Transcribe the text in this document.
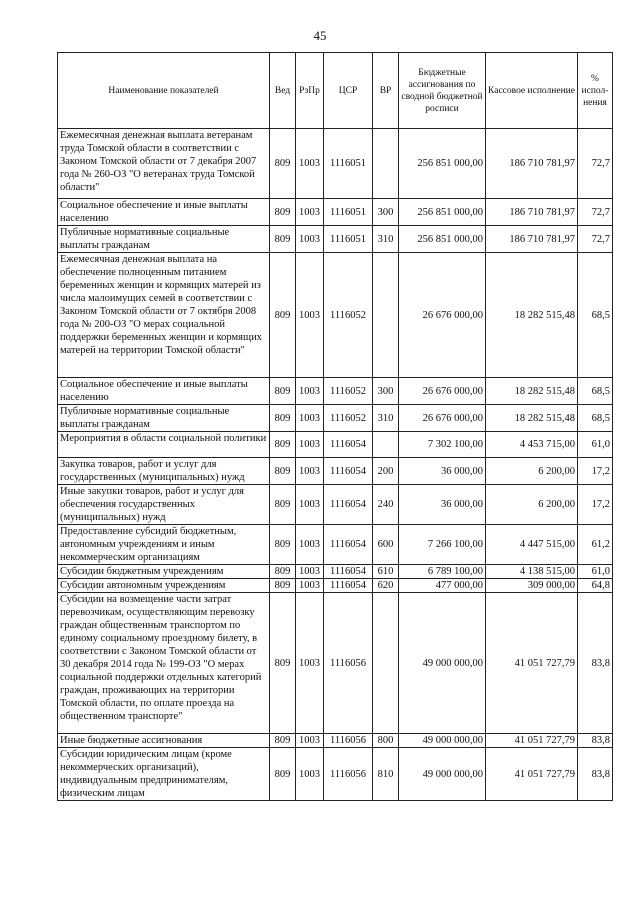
45
Наименование показателей	Вед	РзПр	ЦСР	ВР	Бюджетные ассигнования по сводной бюджетной росписи	Кассовое исполнение	% испол-нения
Ежемесячная денежная выплата ветеранам труда Томской области в соответствии с Законом Томской области от 7 декабря 2007 года № 260-ОЗ "О ветеранах труда Томской области"	809	1003	1116051		256 851 000,00	186 710 781,97	72,7
Социальное обеспечение и иные выплаты населению	809	1003	1116051	300	256 851 000,00	186 710 781,97	72,7
Публичные нормативные социальные выплаты гражданам	809	1003	1116051	310	256 851 000,00	186 710 781,97	72,7
Ежемесячная денежная выплата на обеспечение полноценным питанием беременных женщин и кормящих матерей из числа малоимущих семей в соответствии с Законом Томской области от 7 октября 2008 года № 200-ОЗ "О мерах социальной поддержки беременных женщин и кормящих матерей на территории Томской области"	809	1003	1116052		26 676 000,00	18 282 515,48	68,5
Социальное обеспечение и иные выплаты населению	809	1003	1116052	300	26 676 000,00	18 282 515,48	68,5
Публичные нормативные социальные выплаты гражданам	809	1003	1116052	310	26 676 000,00	18 282 515,48	68,5
Мероприятия в области социальной политики	809	1003	1116054		7 302 100,00	4 453 715,00	61,0
Закупка товаров, работ и услуг для государственных (муниципальных) нужд	809	1003	1116054	200	36 000,00	6 200,00	17,2
Иные закупки товаров, работ и услуг для обеспечения государственных (муниципальных) нужд	809	1003	1116054	240	36 000,00	6 200,00	17,2
Предоставление субсидий бюджетным, автономным учреждениям и иным некоммерческим организациям	809	1003	1116054	600	7 266 100,00	4 447 515,00	61,2
Субсидии бюджетным учреждениям	809	1003	1116054	610	6 789 100,00	4 138 515,00	61,0
Субсидии автономным учреждениям	809	1003	1116054	620	477 000,00	309 000,00	64,8
Субсидии на возмещение части затрат перевозчикам, осуществляющим перевозку граждан общественным транспортом по единому социальному проездному билету, в соответствии с Законом Томской области от 30 декабря 2014 года № 199-ОЗ "О мерах социальной поддержки отдельных категорий граждан, проживающих на территории Томской области, по оплате проезда на общественном транспорте"	809	1003	1116056		49 000 000,00	41 051 727,79	83,8
Иные бюджетные ассигнования	809	1003	1116056	800	49 000 000,00	41 051 727,79	83,8
Субсидии юридическим лицам (кроме некоммерческих организаций), индивидуальным предпринимателям, физическим лицам	809	1003	1116056	810	49 000 000,00	41 051 727,79	83,8
